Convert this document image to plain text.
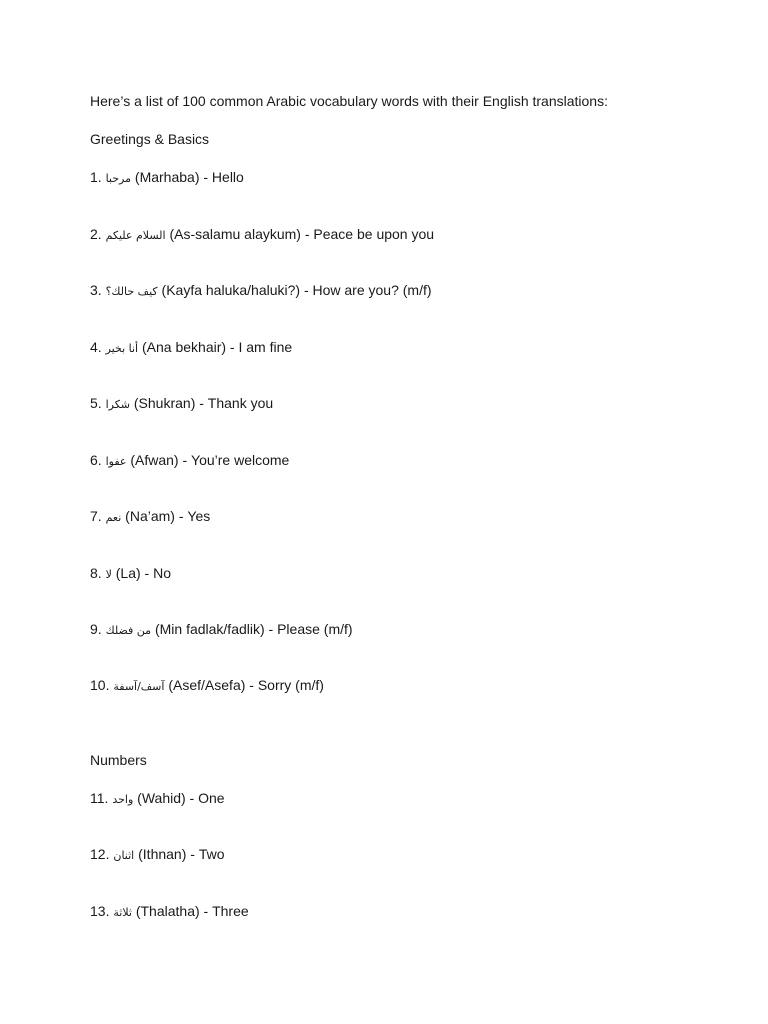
Here’s a list of 100 common Arabic vocabulary words with their English translations:
Greetings & Basics
1. مرحبا (Marhaba) - Hello
2. السلام عليكم (As-salamu alaykum) - Peace be upon you
3. كيف حالك؟ (Kayfa haluka/haluki?) - How are you? (m/f)
4. أنا بخير (Ana bekhair) - I am fine
5. شكرا (Shukran) - Thank you
6. عفوا (Afwan) - You’re welcome
7. نعم (Na’am) - Yes
8. لا (La) - No
9. من فضلك (Min fadlak/fadlik) - Please (m/f)
10. آسف/آسفة (Asef/Asefa) - Sorry (m/f)
Numbers
11. واحد (Wahid) - One
12. اثنان (Ithnan) - Two
13. ثلاثة (Thalatha) - Three
